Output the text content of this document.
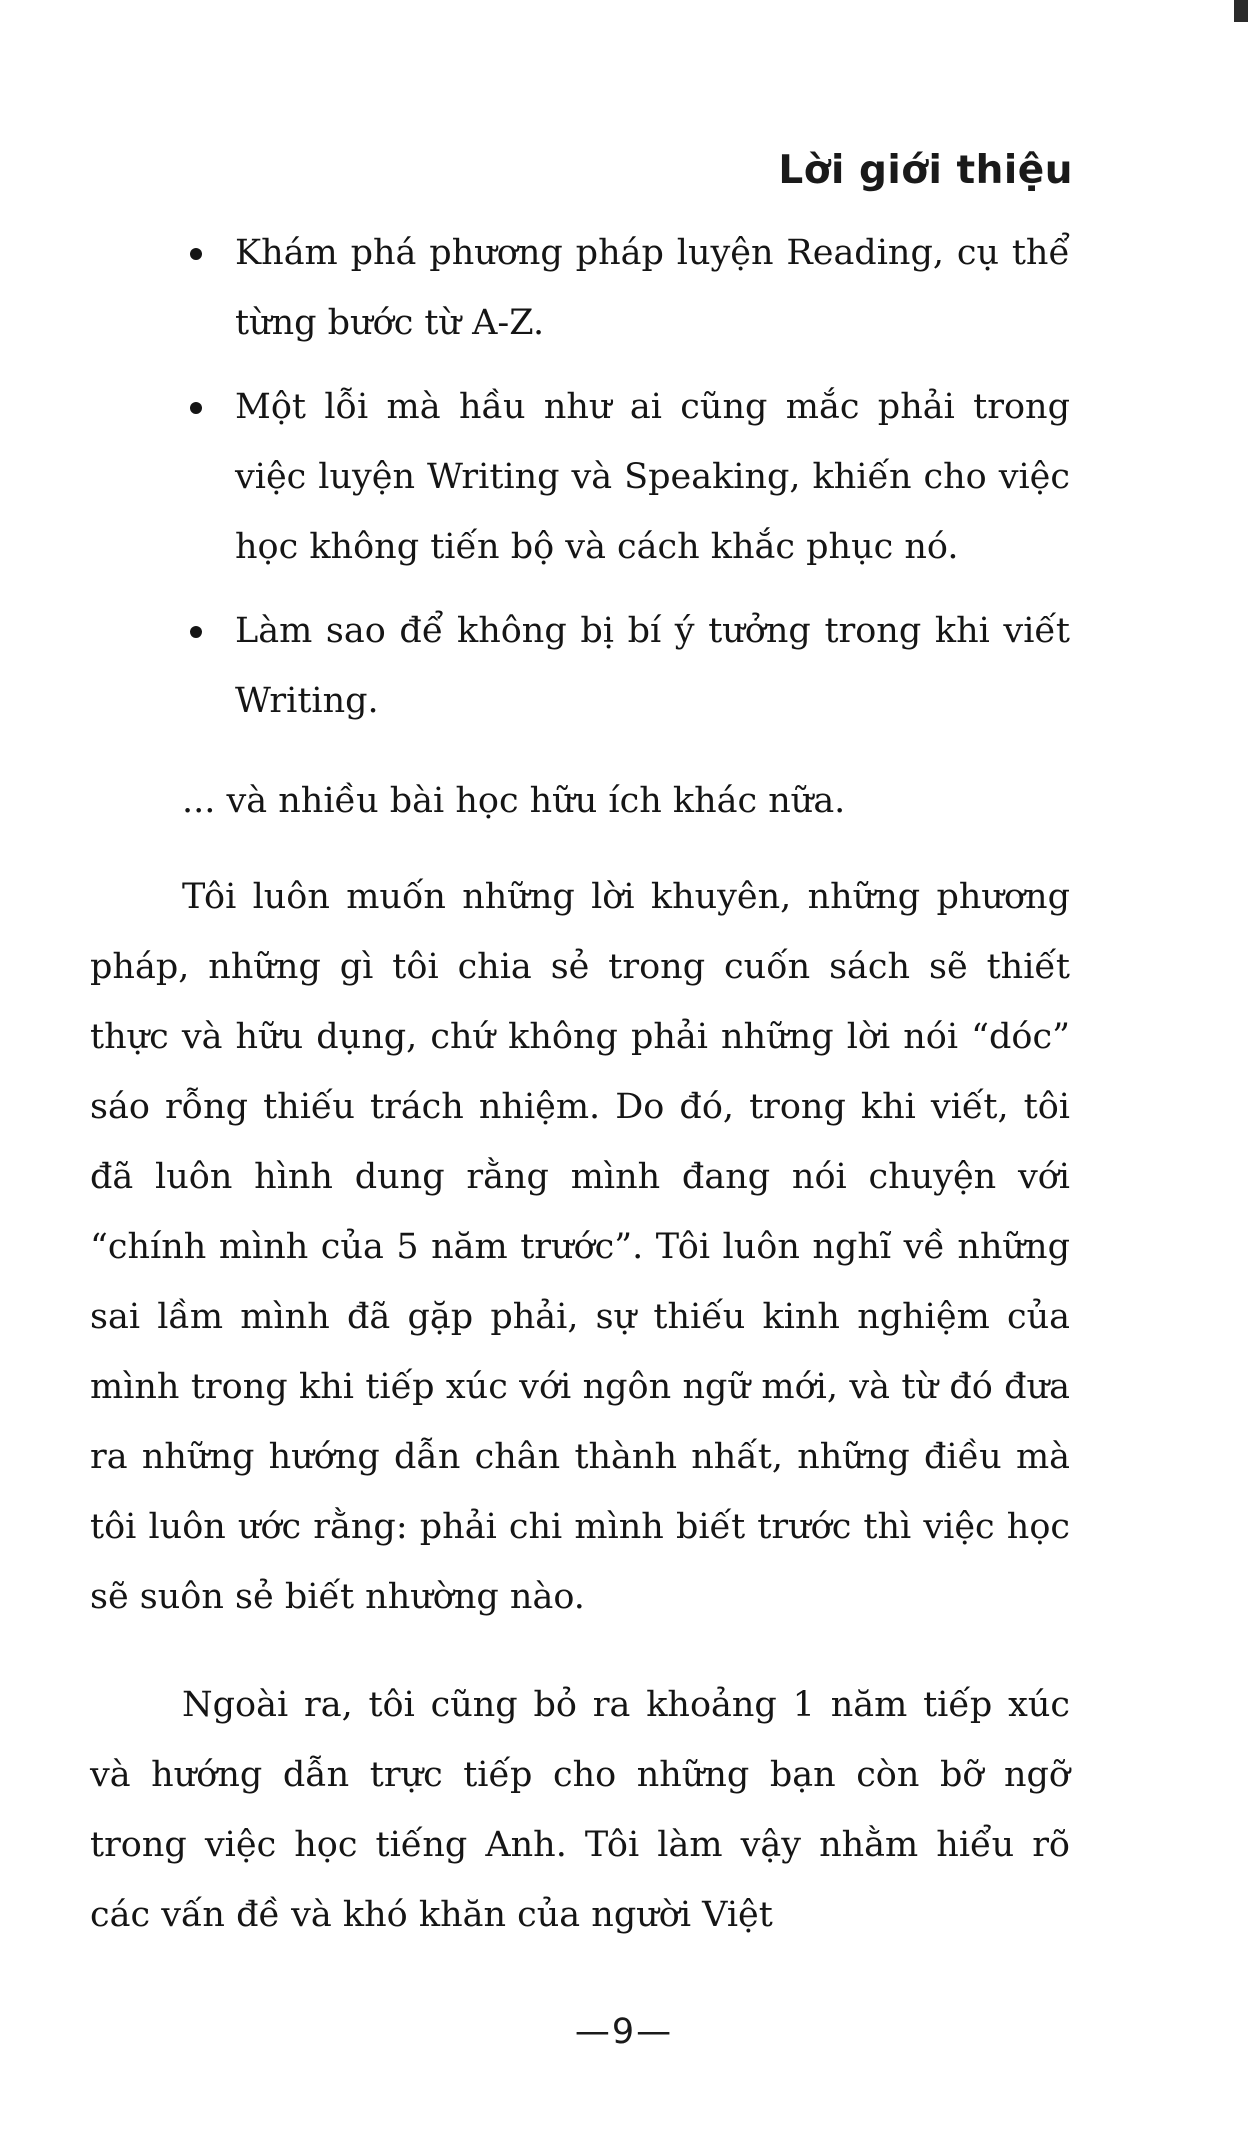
Lời giới thiệu

Khám phá phương pháp luyện Reading, cụ thể từng bước từ A-Z.

Một lỗi mà hầu như ai cũng mắc phải trong việc luyện Writing và Speaking, khiến cho việc học không tiến bộ và cách khắc phục nó.

Làm sao để không bị bí ý tưởng trong khi viết Writing.

... và nhiều bài học hữu ích khác nữa.

Tôi luôn muốn những lời khuyên, những phương pháp, những gì tôi chia sẻ trong cuốn sách sẽ thiết thực và hữu dụng, chứ không phải những lời nói “dóc” sáo rỗng thiếu trách nhiệm. Do đó, trong khi viết, tôi đã luôn hình dung rằng mình đang nói chuyện với “chính mình của 5 năm trước”. Tôi luôn nghĩ về những sai lầm mình đã gặp phải, sự thiếu kinh nghiệm của mình trong khi tiếp xúc với ngôn ngữ mới, và từ đó đưa ra những hướng dẫn chân thành nhất, những điều mà tôi luôn ước rằng: phải chi mình biết trước thì việc học sẽ suôn sẻ biết nhường nào.

Ngoài ra, tôi cũng bỏ ra khoảng 1 năm tiếp xúc và hướng dẫn trực tiếp cho những bạn còn bỡ ngỡ trong việc học tiếng Anh. Tôi làm vậy nhằm hiểu rõ các vấn đề và khó khăn của người Việt

—9—
